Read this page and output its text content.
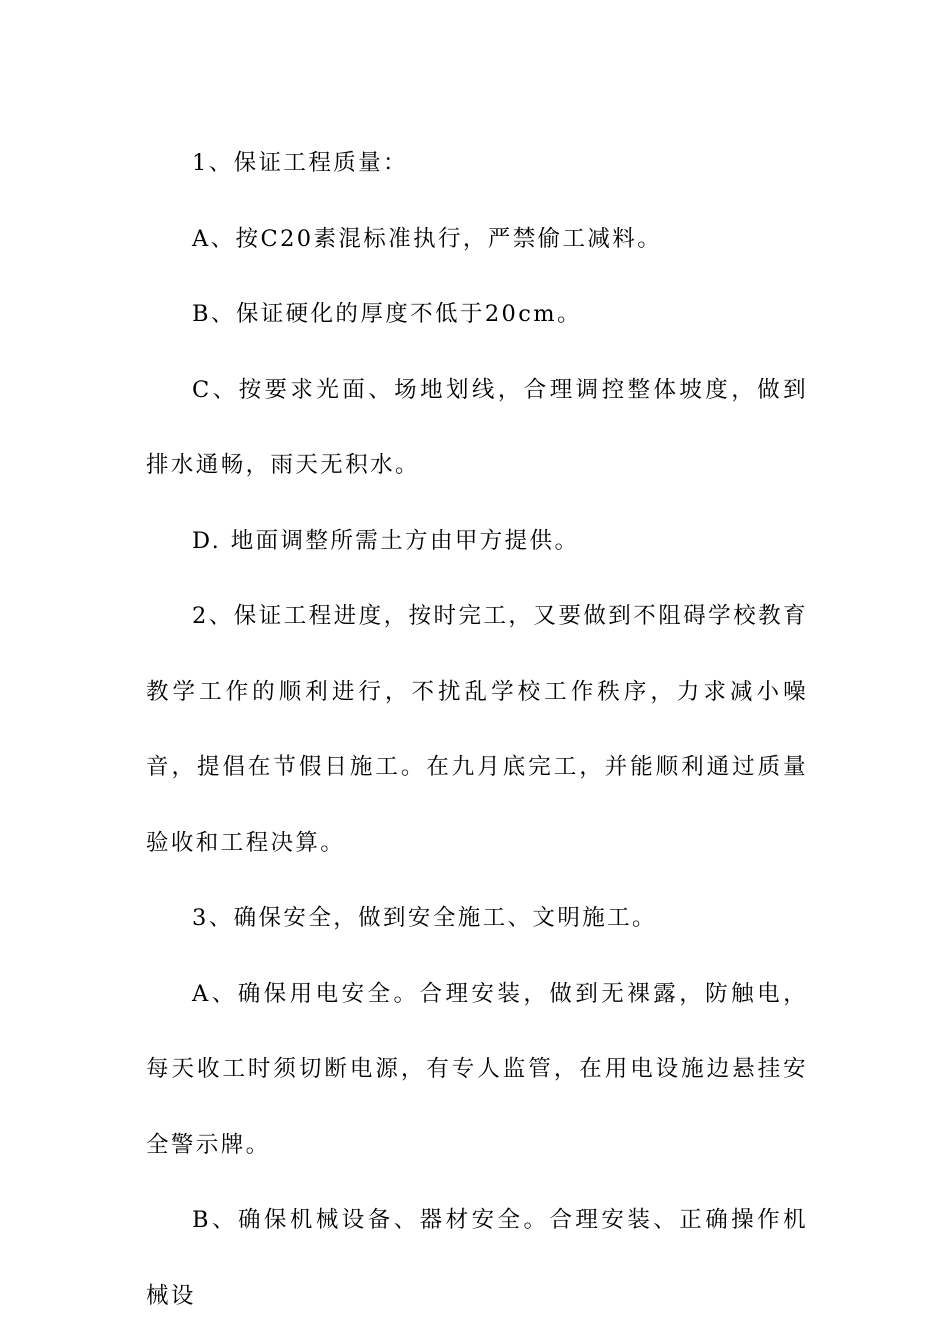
1、保证工程质量：

A、按C20素混标准执行，严禁偷工减料。

B、保证硬化的厚度不低于20cm。

C、按要求光面、场地划线，合理调控整体坡度，做到排水通畅，雨天无积水。

D. 地面调整所需土方由甲方提供。

2、保证工程进度，按时完工，又要做到不阻碍学校教育教学工作的顺利进行，不扰乱学校工作秩序，力求减小噪音，提倡在节假日施工。在九月底完工，并能顺利通过质量验收和工程决算。

3、确保安全，做到安全施工、文明施工。

A、确保用电安全。合理安装，做到无裸露，防触电，每天收工时须切断电源，有专人监管，在用电设施边悬挂安全警示牌。

B、确保机械设备、器材安全。合理安装、正确操作机械设
